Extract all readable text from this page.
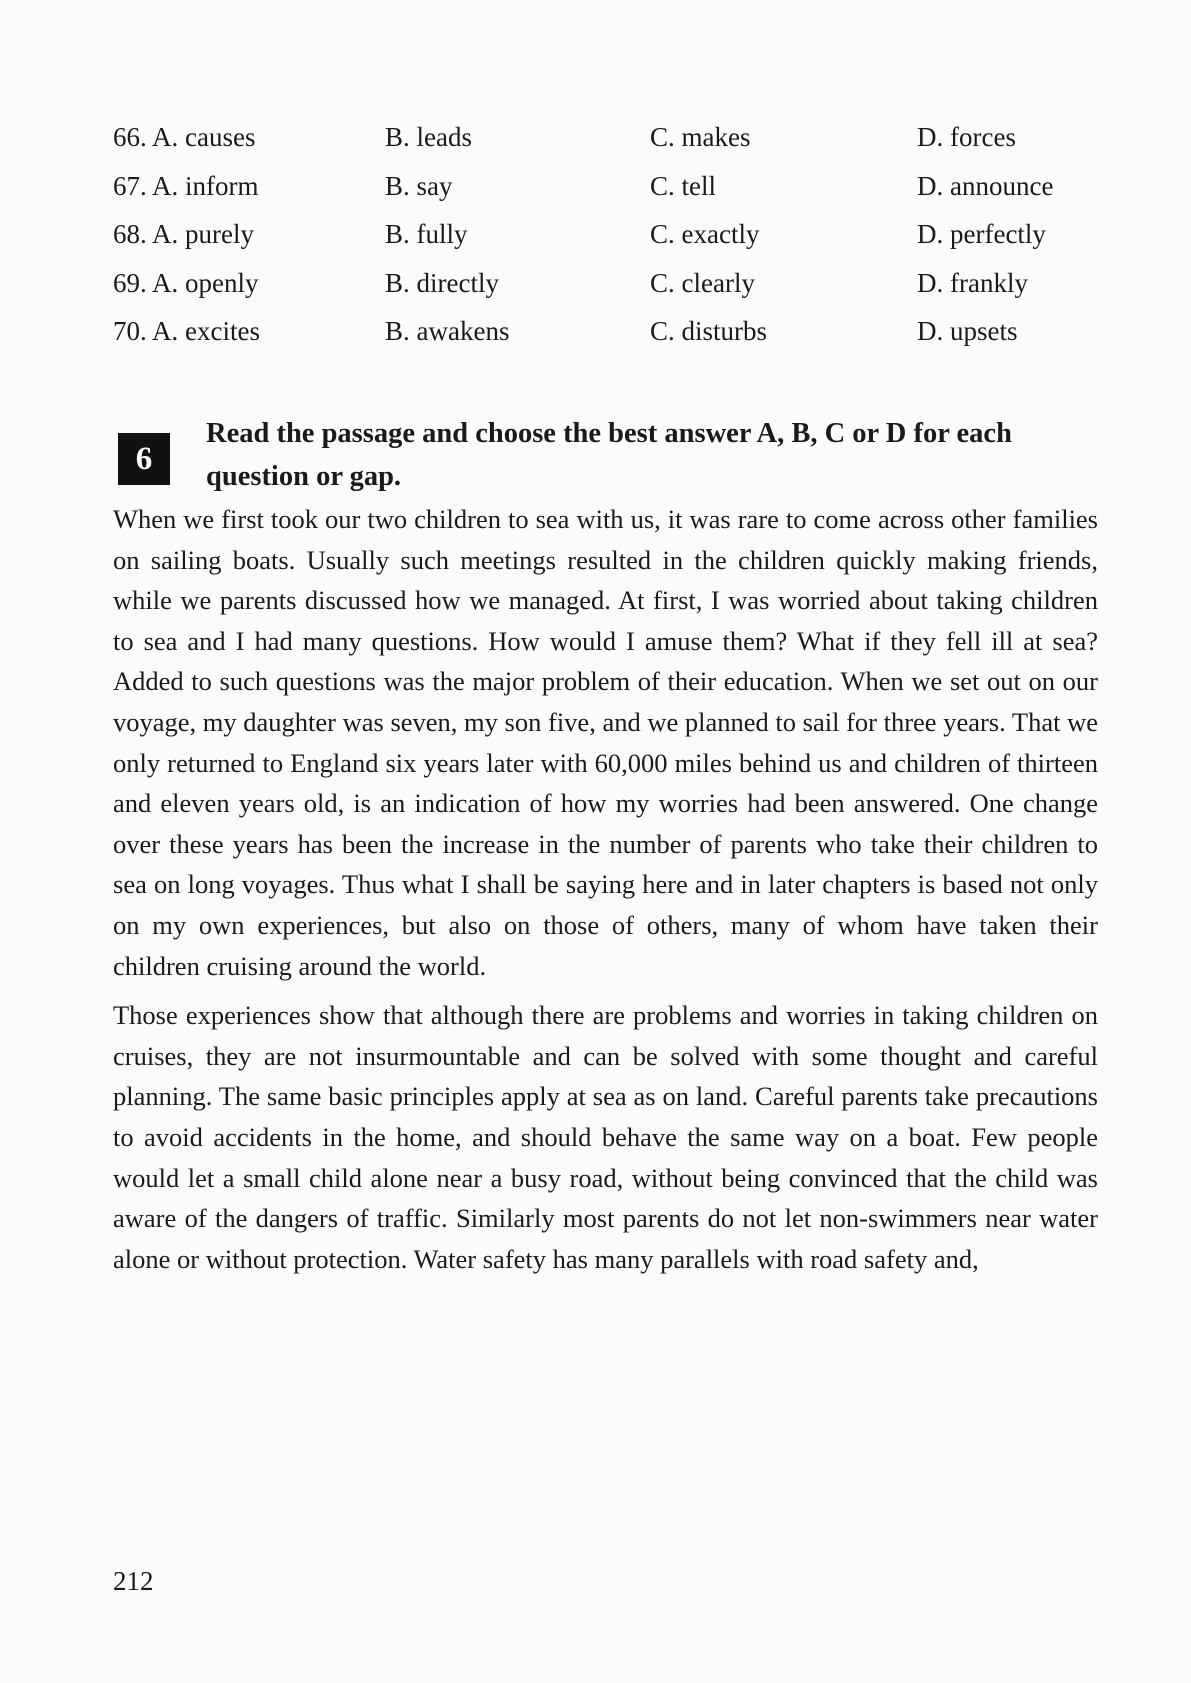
66. A. causes	B. leads	C. makes	D. forces
67. A. inform	B. say	C. tell	D. announce
68. A. purely	B. fully	C. exactly	D. perfectly
69. A. openly	B. directly	C. clearly	D. frankly
70. A. excites	B. awakens	C. disturbs	D. upsets
6
Read the passage and choose the best answer A, B, C or D for each question or gap.

When we first took our two children to sea with us, it was rare to come across other families on sailing boats. Usually such meetings resulted in the children quickly making friends, while we parents discussed how we managed. At first, I was worried about taking children to sea and I had many questions. How would I amuse them? What if they fell ill at sea? Added to such questions was the major problem of their education. When we set out on our voyage, my daughter was seven, my son five, and we planned to sail for three years. That we only returned to England six years later with 60,000 miles behind us and children of thirteen and eleven years old, is an indication of how my worries had been answered. One change over these years has been the increase in the number of parents who take their children to sea on long voyages. Thus what I shall be saying here and in later chapters is based not only on my own experiences, but also on those of others, many of whom have taken their children cruising around the world.

Those experiences show that although there are problems and worries in taking children on cruises, they are not insurmountable and can be solved with some thought and careful planning. The same basic principles apply at sea as on land. Careful parents take precautions to avoid accidents in the home, and should behave the same way on a boat. Few people would let a small child alone near a busy road, without being convinced that the child was aware of the dangers of traffic. Similarly most parents do not let non-swimmers near water alone or without protection. Water safety has many parallels with road safety and,

212
